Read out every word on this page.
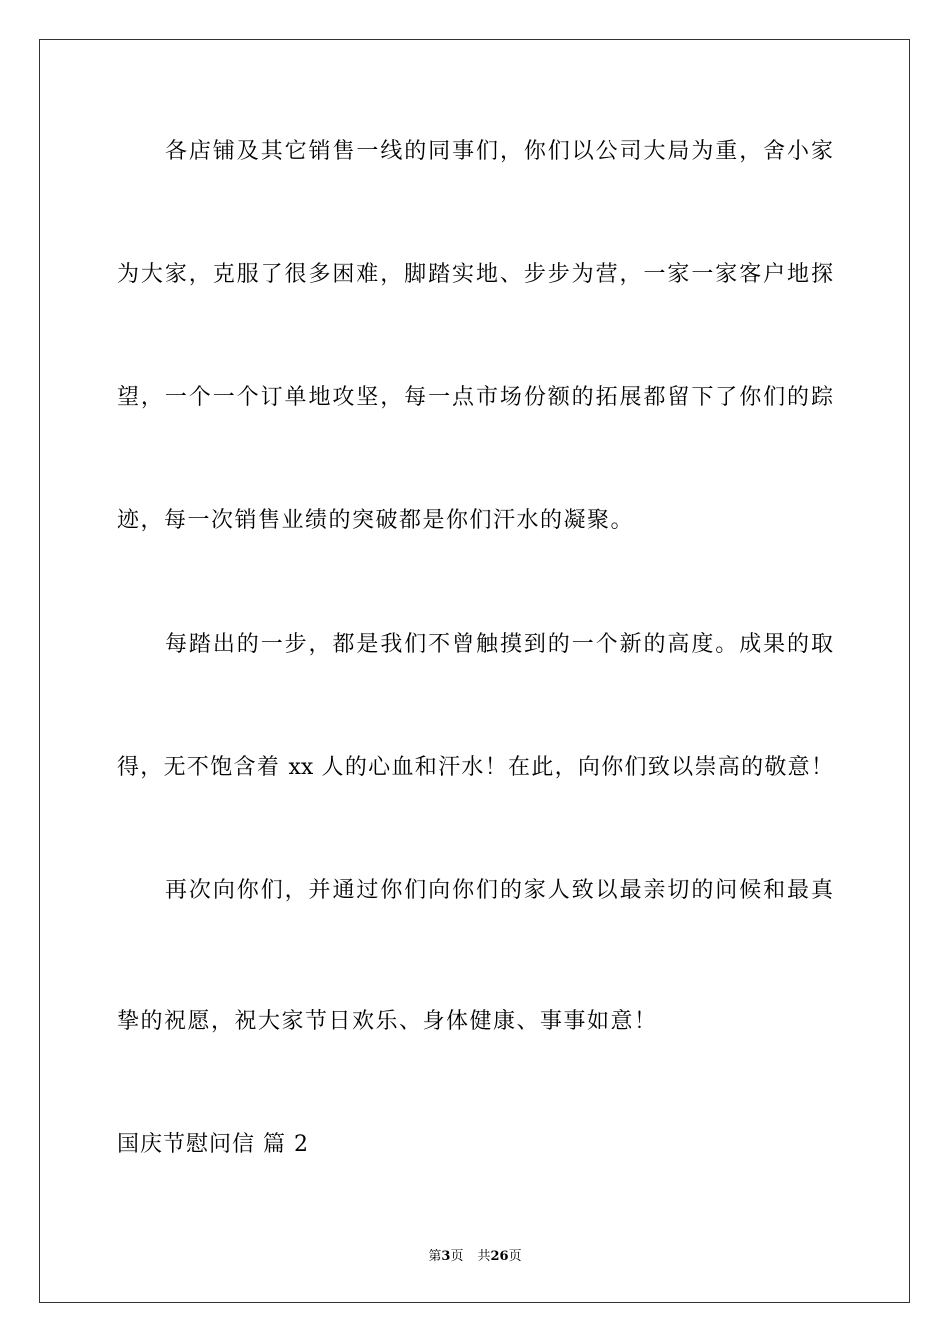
各店铺及其它销售一线的同事们，你们以公司大局为重，舍小家
为大家，克服了很多困难，脚踏实地、步步为营，一家一家客户地探
望，一个一个订单地攻坚，每一点市场份额的拓展都留下了你们的踪
迹，每一次销售业绩的突破都是你们汗水的凝聚。
每踏出的一步，都是我们不曾触摸到的一个新的高度。成果的取
得，无不饱含着 xx 人的心血和汗水！在此，向你们致以崇高的敬意！
再次向你们，并通过你们向你们的家人致以最亲切的问候和最真
挚的祝愿，祝大家节日欢乐、身体健康、事事如意！
国庆节慰问信 篇 2
第3页 共26页
